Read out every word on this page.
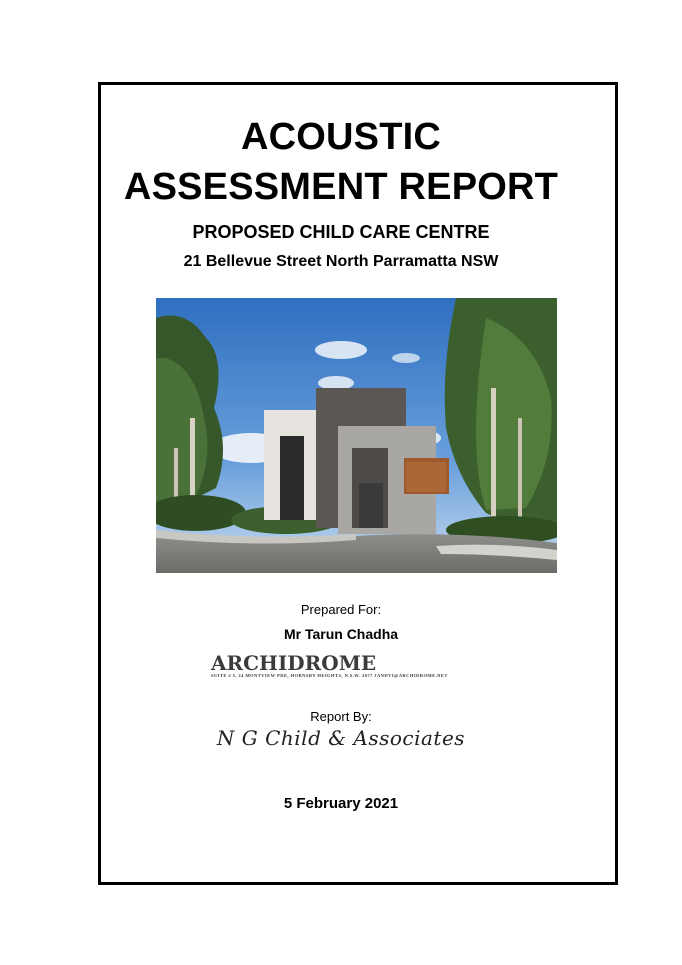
ACOUSTIC
ASSESSMENT REPORT
PROPOSED CHILD CARE CENTRE
21 Bellevue Street North Parramatta NSW
Prepared For:
Mr Tarun Chadha
ARCHIDROME
SUITE # 5, 24 MONTVIEW PDE, HORNSBY HEIGHTS, N.S.W. 2077 JANDVI@ARCHIDROME.NET
Report By:
N G Child & Associates
5 February 2021
